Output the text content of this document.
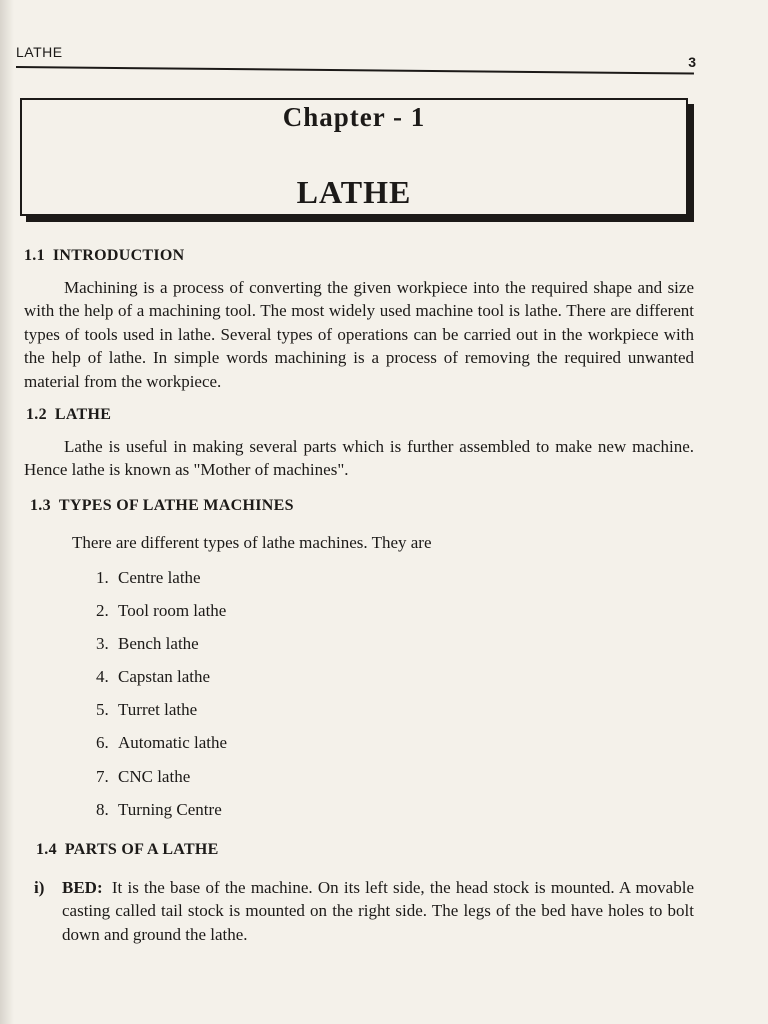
LATHE
3
Chapter - 1
LATHE
1.1 INTRODUCTION

Machining is a process of converting the given workpiece into the required shape and size with the help of a machining tool. The most widely used machine tool is lathe. There are different types of tools used in lathe. Several types of operations can be carried out in the workpiece with the help of lathe. In simple words machining is a process of removing the required unwanted material from the workpiece.

1.2 LATHE

Lathe is useful in making several parts which is further assembled to make new machine. Hence lathe is known as "Mother of machines".

1.3 TYPES OF LATHE MACHINES
There are different types of lathe machines. They are
1. Centre lathe
2. Tool room lathe
3. Bench lathe
4. Capstan lathe
5. Turret lathe
6. Automatic lathe
7. CNC lathe
8. Turning Centre
1.4 PARTS OF A LATHE
i) BED: It is the base of the machine. On its left side, the head stock is mounted. A movable casting called tail stock is mounted on the right side. The legs of the bed have holes to bolt down and ground the lathe.
